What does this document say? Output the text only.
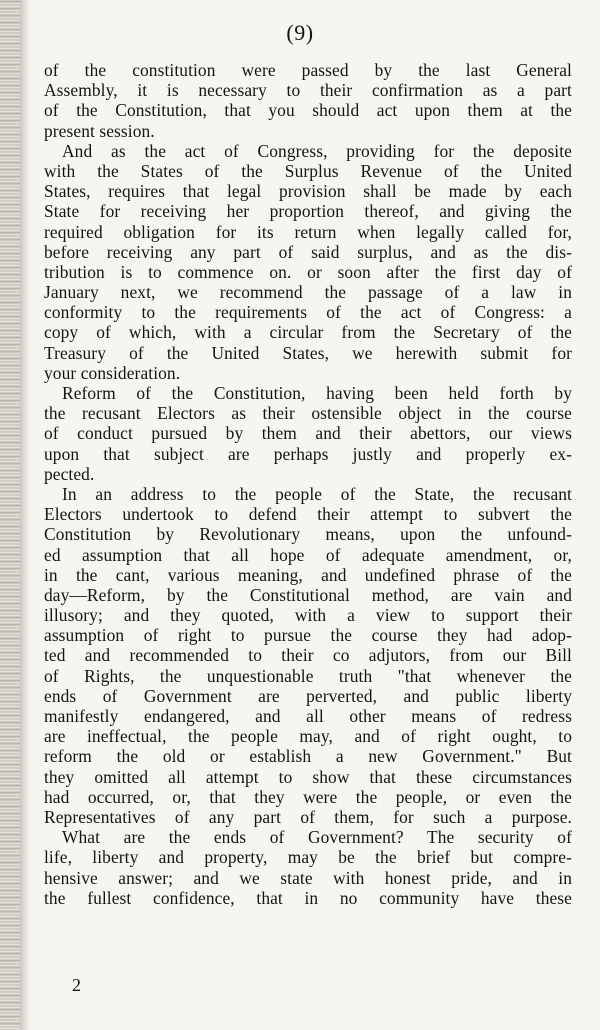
(9)
of the constitution were passed by the last General
Assembly, it is necessary to their confirmation as a part
of the Constitution, that you should act upon them at the
present session.
And as the act of Congress, providing for the deposite
with the States of the Surplus Revenue of the United
States, requires that legal provision shall be made by each
State for receiving her proportion thereof, and giving the
required obligation for its return when legally called for,
before receiving any part of said surplus, and as the dis-
tribution is to commence on. or soon after the first day of
January next, we recommend the passage of a law in
conformity to the requirements of the act of Congress: a
copy of which, with a circular from the Secretary of the
Treasury of the United States, we herewith submit for
your consideration.
Reform of the Constitution, having been held forth by
the recusant Electors as their ostensible object in the course
of conduct pursued by them and their abettors, our views
upon that subject are perhaps justly and properly ex-
pected.
In an address to the people of the State, the recusant
Electors undertook to defend their attempt to subvert the
Constitution by Revolutionary means, upon the unfound-
ed assumption that all hope of adequate amendment, or,
in the cant, various meaning, and undefined phrase of the
day—Reform, by the Constitutional method, are vain and
illusory; and they quoted, with a view to support their
assumption of right to pursue the course they had adop-
ted and recommended to their co adjutors, from our Bill
of Rights, the unquestionable truth "that whenever the
ends of Government are perverted, and public liberty
manifestly endangered, and all other means of redress
are ineffectual, the people may, and of right ought, to
reform the old or establish a new Government." But
they omitted all attempt to show that these circumstances
had occurred, or, that they were the people, or even the
Representatives of any part of them, for such a purpose.
What are the ends of Government? The security of
life, liberty and property, may be the brief but compre-
hensive answer; and we state with honest pride, and in
the fullest confidence, that in no community have these
2
